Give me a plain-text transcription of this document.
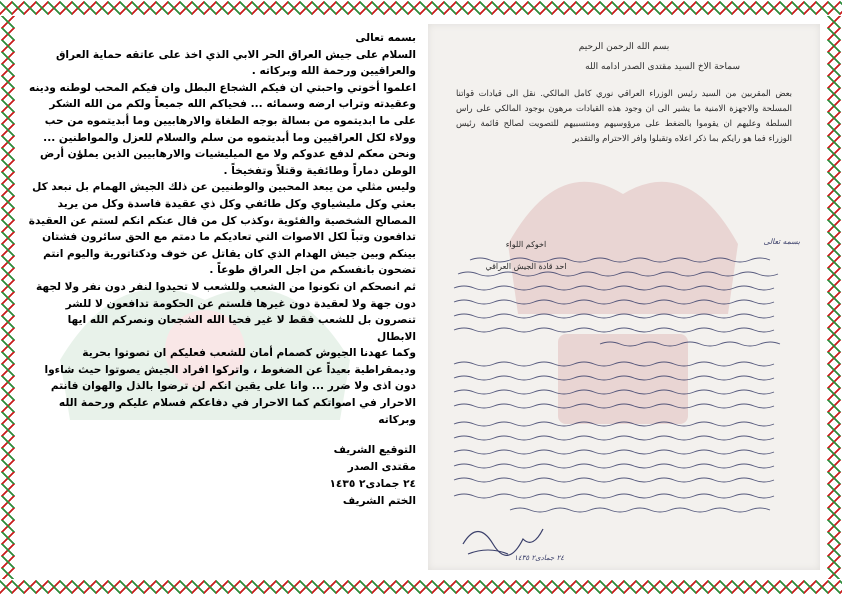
بسمه تعالى

السلام على جيش العراق الحر الابي الذي اخذ على عاتقه حماية العراق والعراقيين ورحمة الله وبركاته .

اعلموا أخوتي واحبتي ان فيكم الشجاع البطل وان فيكم المحب لوطنه ودينه وعقيدته وتراب ارضه وسمائه ... فحياكم الله جميعاً ولكم من الله الشكر على ما ابديتموه من بسالة بوجه الطغاة والارهابيين وما أبديتموه من حب وولاء لكل العراقيين وما أبديتموه من سلم والسلام للعزل والمواطنين ... ونحن معكم لدفع عدوكم ولا مع الميليشيات والارهابيين الذين يملؤن أرض الوطن دماراً وطائفية وقتلاً وتفخيخاً .

وليس مثلي من يبعد المحبين والوطنيين عن ذلك الجيش الهمام بل نبعد كل بعثي وكل مليشياوي وكل طائفي وكل ذي عقيدة فاسدة وكل من يريد المصالح الشخصية والفئوية ،وكذب كل من قال عنكم انكم لستم عن العقيدة تدافعون وتباً لكل الاصوات التي تعاديكم ما دمتم مع الحق سائرون فشتان بينكم وبين جيش الهدام الذي كان يقاتل عن خوف ودكتاتورية واليوم انتم تضحون بانفسكم من اجل العراق طوعاً .

ثم انصحكم ان تكونوا من الشعب وللشعب لا تحيدوا لنفر دون نفر ولا لجهة دون جهة ولا لعقيدة دون غيرها فلستم عن الحكومة تدافعون لا للشر تنصرون بل للشعب فقط لا غير فحيا الله الشجعان ونصركم الله ايها الابطال

وكما عهدنا الجيوش كصمام أمان للشعب فعليكم ان تصوتوا بحرية وديمقراطية بعيداً عن الضغوط ، واتركوا افراد الجيش يصوتوا حيث شاءوا دون اذى ولا ضرر ... وانا على يقين انكم لن ترضوا بالذل والهوان فانتم الاحرار في اصواتكم كما الاحرار في دفاعكم فسلام عليكم ورحمة الله وبركاته

التوقيع الشريف
مقتدى الصدر
٢٤ جمادى٢ ١٤٣٥
الختم الشريف
بسم الله الرحمن الرحيم
سماحة الاخ السيد مقتدى الصدر ادامه الله
بعض المقربين من السيد رئيس الوزراء العراقي نوري كامل المالكي. نقل الى قيادات قواتنا المسلحة والاجهزة الامنية ما يشير الى ان وجود هذه القيادات مرهون بوجود المالكي على راس السلطة وعليهم ان يقوموا بالضغط على مرؤوسيهم ومنتسبيهم للتصويت لصالح قائمة رئيس الوزراء فما هو رايكم بما ذكر اعلاه وتقبلوا وافر الاحترام والتقدير
اخوكم اللواء
احد قادة الجيش العراقي
بسمه تعالى
٢٤ جمادى٢ ١٤٣٥
